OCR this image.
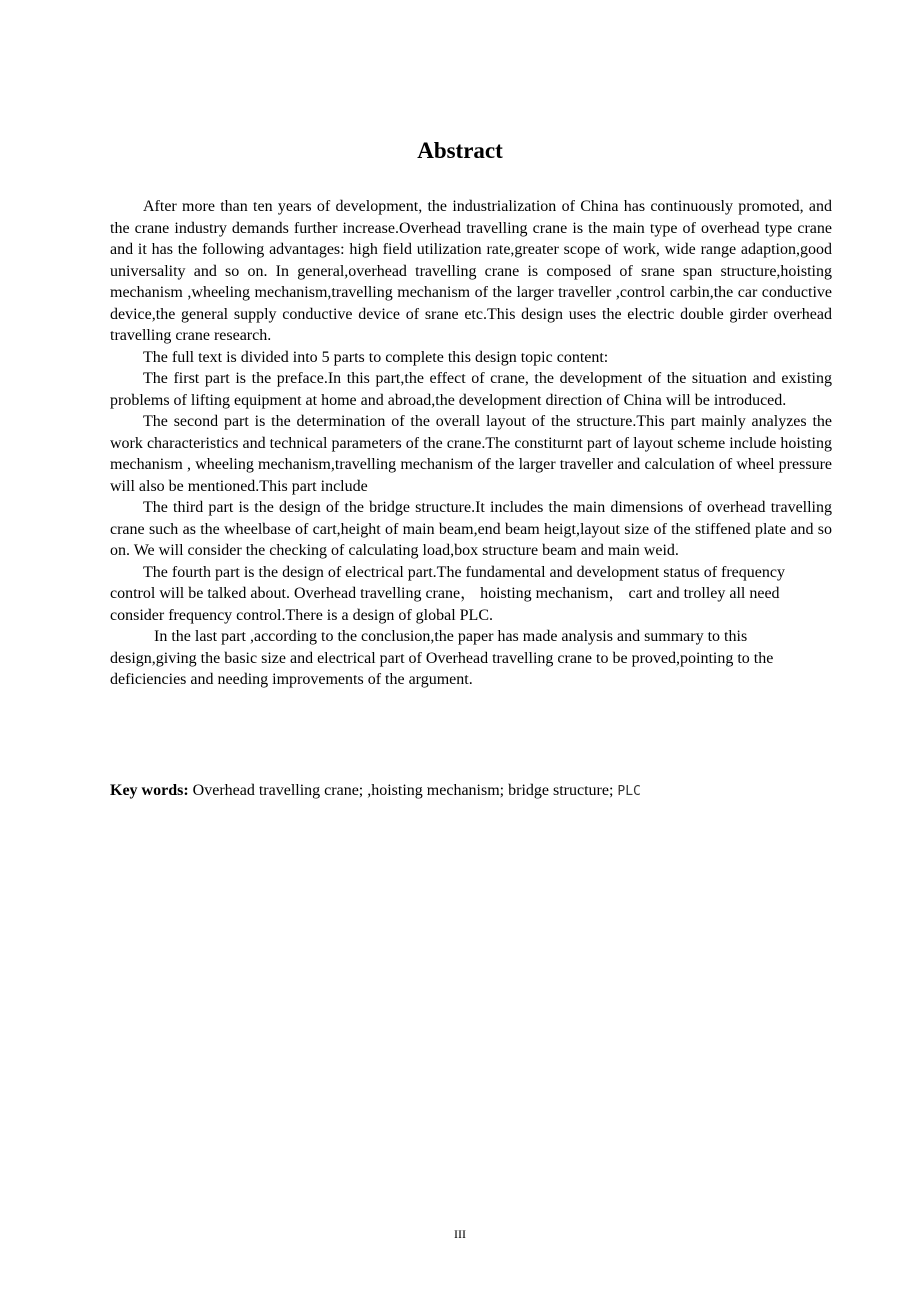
Abstract

After more than ten years of development, the industrialization of China has continuously promoted, and the crane industry demands further increase.Overhead travelling crane is the main type of overhead type crane and it has the following advantages: high field utilization rate,greater scope of work, wide range adaption,good universality and so on. In general,overhead travelling crane is composed of srane span structure,hoisting mechanism ,wheeling mechanism,travelling mechanism of the larger traveller ,control carbin,the car conductive device,the general supply conductive device of srane etc.This design uses the electric double girder overhead travelling crane research.

The full text is divided into 5 parts to complete this design topic content:

The first part is the preface.In this part,the effect of crane, the development of the situation and existing problems of lifting equipment at home and abroad,the development direction of China will be introduced.

The second part is the determination of the overall layout of the structure.This part mainly analyzes the work characteristics and technical parameters of the crane.The constiturnt part of layout scheme include hoisting mechanism , wheeling mechanism,travelling mechanism of the larger traveller and calculation of wheel pressure will also be mentioned.This part include

The third part is the design of the bridge structure.It includes the main dimensions of overhead travelling crane such as the wheelbase of cart,height of main beam,end beam heigt,layout size of the stiffened plate and so on. We will consider the checking of calculating load,box structure beam and main weid.

The fourth part is the design of electrical part.The fundamental and development status of frequency control will be talked about. Overhead travelling crane， hoisting mechanism， cart and trolley all need consider frequency control.There is a design of global PLC.

In the last part ,according to the conclusion,the paper has made analysis and summary to this design,giving the basic size and electrical part of Overhead travelling crane to be proved,pointing to the deficiencies and needing improvements of the argument.

Key words: Overhead travelling crane; ,hoisting mechanism; bridge structure; PLC

III
